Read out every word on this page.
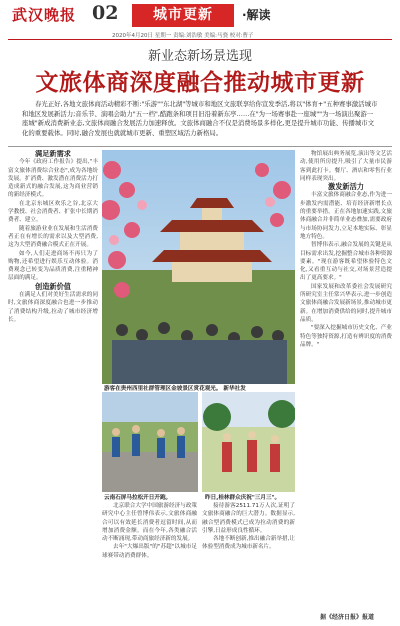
武汉晚报 02	城市更新	·解读
2020年4月20日 星期一 责编:刘浩敏 美编:马骁 校对:曹子
新业态新场景选现
文旅体商深度融合推动城市更新
春光正好,各地文旅体商活动精彩不断:"乐游""东北湖"等城市和地区文旅联享给你宣发季活,将以"体育+"五种赛事激活城市和地区发展新活力;音乐节、演唱会助力"五一档",酷跑条和项目旧沿着新东亭……在"为一场赛事赴一座城""为一场演出聚游一座城"新成消费新业态,文旅体商融合发展活力加速释放。文旅体商融合不仅是消费场景多样化,更是提升城市功能、传播城市文化的重要载体。同时,融合发展也就就城市更新、重塑区域活力新格局。

满足新需求

今年《政府工作报告》提出,"丰富文旅体消费综合业态",成为各地纷发展。扩消费、激发潜在消费活力打造成新式的融合发展,这为商业营销的新经济模式。

在北京东城区欢乐之谷,北京大学教授、社会消费者、扩张中长期消费者、建立。

随着旅游业业在发展和生活消费者正在有增长的需求以及大型消费,这为大型消费融合模式正在开展。

如今,人们走进商场不再只为了购物,还希望进行娱乐互动体验。消费观念已转变为品质消费,注重精神层面的满足。

创造新价值

在满足人们对美好生活需求的同时,文旅体商深度融合也进一步推动了消费结构升级,拉动了城市经济增长。

游客在贵州西里社群管理区金坡景区赏花观光。 新华社发
云南石屏马拉松开日开跑。	昨日,桂林群众庆祝"三月三"。

北京联合大学中国旅游经济与政策研究中心主任曾博伟表示,文旅体商融合可以有效延长消费者逗留时间,从而增加消费金额。而在今年,各类融合活动不断涌现,带动商旅经济新的发展。

去年"大爆出版"的"苏超"以城市足球赛带动消费群体。

接待游客2511.71万人次,证明了文旅体商融合的巨大潜力。数据显示,融合型消费模式已成为拉动消费的新引擎,日益形成良性循环。

各地不断创新,推出融合新举措,让体验型消费成为城市新名片。

物馆展出典务展览,演出等文艺活动,使用所房提升,吸引了大量市民游客到此打卡。餐厅、酒店和零售行业同样表现突出。

激发新活力

丰富文旅体商融合业态,作为进一步激发内需潜能、培育经济新增长点的重要举措。正在各地加速实践,文旅体商融合并非简单业态叠加,需要政府与市场协同发力,立足本地实际、彰显地方特色。

智博伟表示,融合发展的关键是从目标需求出发,挖掘整合城市各种资源要素。"现在游客既希望体验特色文化,又看重互动与社交,对场景营造提出了更高要求。"

国家发展和改革委社会发展研究所研究室主任常兴华表示,进一步创造文旅体商融合发展新场景,推动城市更新。在增加消费供给的同时,提升城市品质。

"要深入挖掘城市历史文化、产业特色等独特资源,打造有辨识度的消费品牌。"

据《经济日报》报道
